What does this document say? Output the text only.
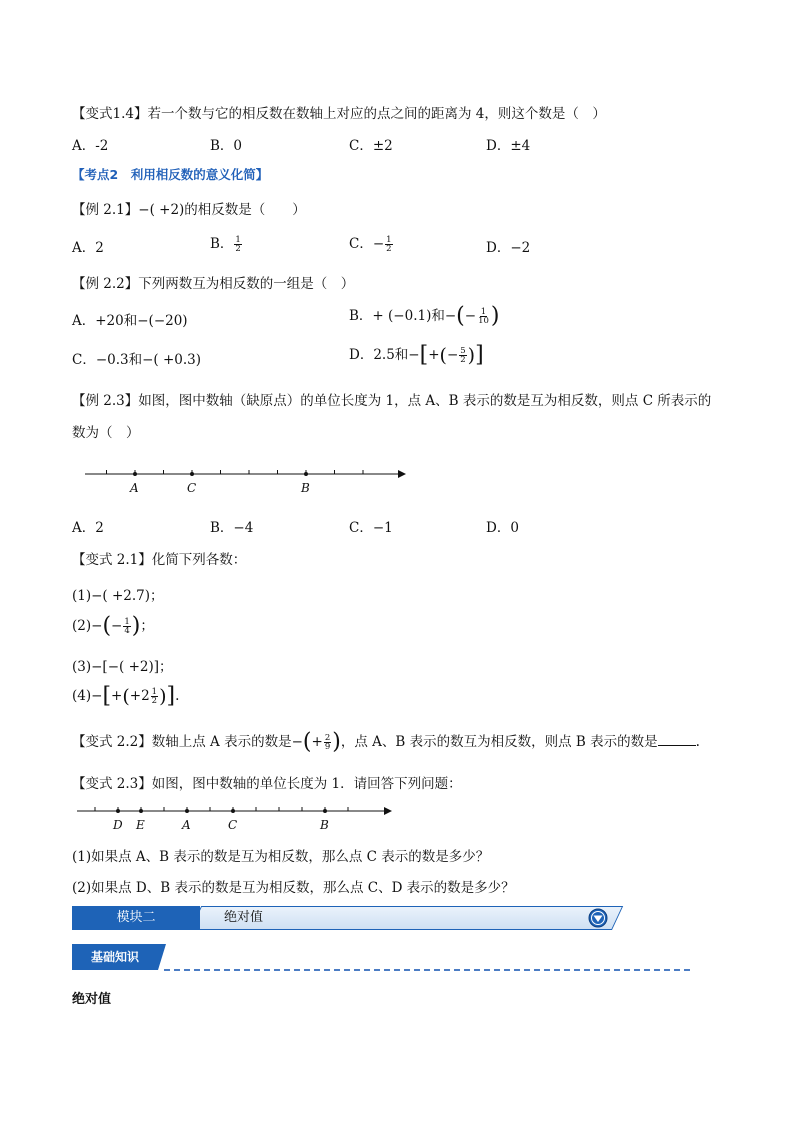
【变式1.4】若一个数与它的相反数在数轴上对应的点之间的距离为 4，则这个数是（　）
A．-2	B．0	C．±2	D．±4
【考点2　利用相反数的意义化简】
【例 2.1】−( +2)的相反数是（　　）
A．2	B． $\frac{1}{2}$	C．− $\frac{1}{2}$	D．−2
【例 2.2】下列两数互为相反数的一组是（　）
A．+20和−(−20)	B．+ (−0.1)和−(− $\frac{1}{10}$ )
C．−0.3和−( +0.3)	D．2.5和−[+(− $\frac{5}{2}$ )]
【例 2.3】如图，图中数轴（缺原点）的单位长度为 1，点 A、B 表示的数是互为相反数，则点 C 所表示的
数为（　）
A	C	B
A．2	B．−4	C．−1	D．0
【变式 2.1】化简下列各数：
(1)−( +2.7)；
$(2)-(- \frac{1}{4}$ )；
(3)−[−( +2)]；
$(4)-[+(+2 \frac{1}{2}$ )].
【变式 2.2】数轴上点 A 表示的数是−(+ $\frac{2}{9}$ )，点 A、B 表示的数互为相反数，则点 B 表示的数是	.
【变式 2.3】如图，图中数轴的单位长度为 1．请回答下列问题：
D E	A	C	B
(1)如果点 A、B 表示的数是互为相反数，那么点 C 表示的数是多少？
(2)如果点 D、B 表示的数是互为相反数，那么点 C、D 表示的数是多少？
模块二	绝对值
基础知识
绝对值
